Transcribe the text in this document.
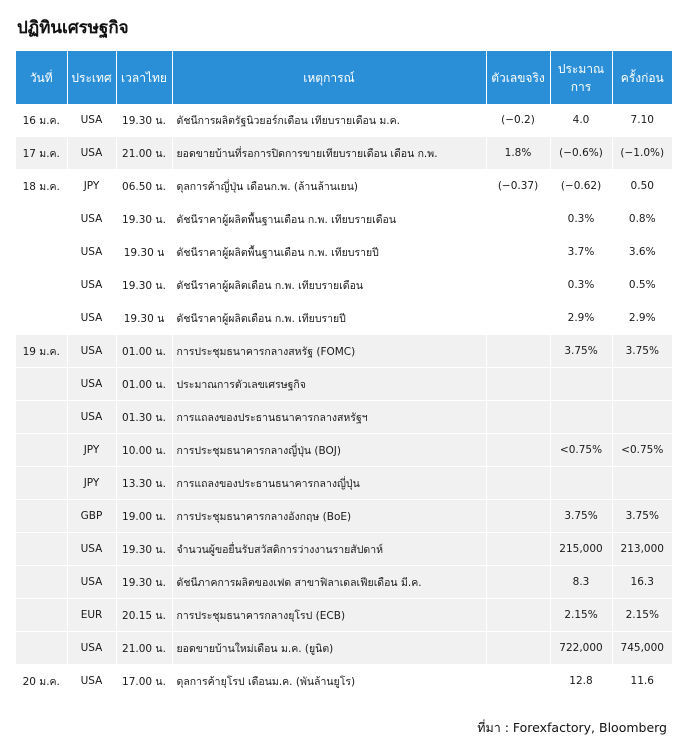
ปฏิทินเศรษฐกิจ
วันที่	ประเทศ	เวลาไทย	เหตุการณ์	ตัวเลขจริง	ประมาณการ	ครั้งก่อน
16 ม.ค.	USA	19.30 น.	ดัชนีการผลิตรัฐนิวยอร์กเดือน เทียบรายเดือน ม.ค.	(−0.2)	4.0	7.10
17 ม.ค.	USA	21.00 น.	ยอดขายบ้านที่รอการปิดการขายเทียบรายเดือน เดือน ก.พ.	1.8%	(−0.6%)	(−1.0%)
18 ม.ค.	JPY	06.50 น.	ดุลการค้าญี่ปุ่น เดือนก.พ. (ล้านล้านเยน)	(−0.37)	(−0.62)	0.50
	USA	19.30 น.	ดัชนีราคาผู้ผลิตพื้นฐานเดือน ก.พ. เทียบรายเดือน		0.3%	0.8%
	USA	19.30 น	ดัชนีราคาผู้ผลิตพื้นฐานเดือน ก.พ. เทียบรายปี		3.7%	3.6%
	USA	19.30 น.	ดัชนีราคาผู้ผลิตเดือน ก.พ. เทียบรายเดือน		0.3%	0.5%
	USA	19.30 น	ดัชนีราคาผู้ผลิตเดือน ก.พ. เทียบรายปี		2.9%	2.9%
19 ม.ค.	USA	01.00 น.	การประชุมธนาคารกลางสหรัฐ (FOMC)		3.75%	3.75%
	USA	01.00 น.	ประมาณการตัวเลขเศรษฐกิจ			
	USA	01.30 น.	การแถลงของประธานธนาคารกลางสหรัฐฯ			
	JPY	10.00 น.	การประชุมธนาคารกลางญี่ปุ่น (BOJ)		<0.75%	<0.75%
	JPY	13.30 น.	การแถลงของประธานธนาคารกลางญี่ปุ่น			
	GBP	19.00 น.	การประชุมธนาคารกลางอังกฤษ (BoE)		3.75%	3.75%
	USA	19.30 น.	จำนวนผู้ขอยื่นรับสวัสดิการว่างงานรายสัปดาห์		215,000	213,000
	USA	19.30 น.	ดัชนีภาคการผลิตของเฟด สาขาฟิลาเดลเฟียเดือน มี.ค.		8.3	16.3
	EUR	20.15 น.	การประชุมธนาคารกลางยุโรป (ECB)		2.15%	2.15%
	USA	21.00 น.	ยอดขายบ้านใหม่เดือน ม.ค. (ยูนิต)		722,000	745,000
20 ม.ค.	USA	17.00 น.	ดุลการค้ายุโรป เดือนม.ค. (พันล้านยูโร)		12.8	11.6
ที่มา : Forexfactory, Bloomberg
